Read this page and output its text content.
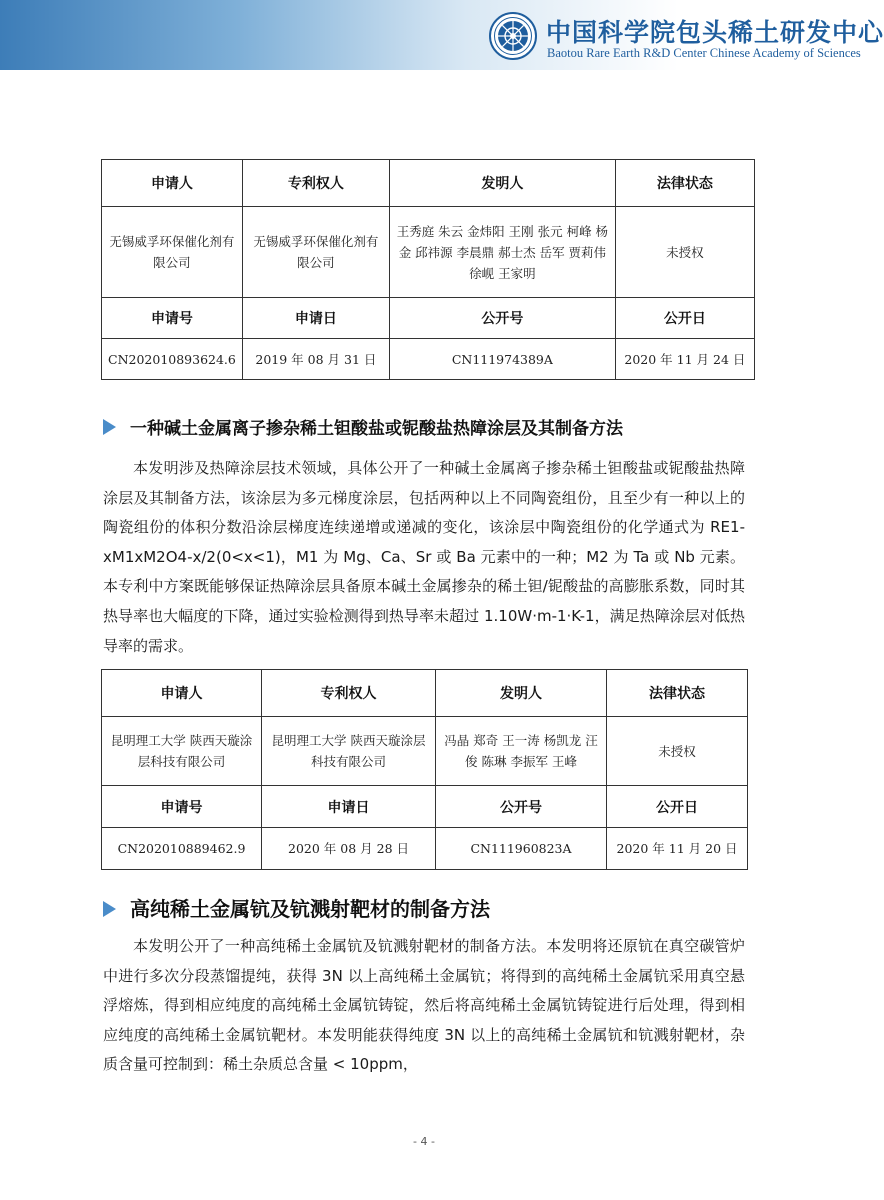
中国科学院包头稀土研发中心
Baotou Rare Earth R&D Center Chinese Academy of Sciences
申请人	专利权人	发明人	法律状态
无锡威孚环保催化剂有限公司	无锡威孚环保催化剂有限公司	王秀庭 朱云 金炜阳 王刚 张元 柯峰 杨金 邱祎源 李晨鼎 郝士杰 岳军 贾莉伟 徐岘 王家明	未授权
申请号	申请日	公开号	公开日
CN202010893624.6	2019 年 08 月 31 日	CN111974389A	2020 年 11 月 24 日
一种碱土金属离子掺杂稀土钽酸盐或铌酸盐热障涂层及其制备方法

本发明涉及热障涂层技术领域，具体公开了一种碱土金属离子掺杂稀土钽酸盐或铌酸盐热障涂层及其制备方法，该涂层为多元梯度涂层，包括两种以上不同陶瓷组份，且至少有一种以上的陶瓷组份的体积分数沿涂层梯度连续递增或递减的变化，该涂层中陶瓷组份的化学通式为 RE1-xM1xM2O4-x/2(0<x<1)，M1 为 Mg、Ca、Sr 或 Ba 元素中的一种；M2 为 Ta 或 Nb 元素。本专利中方案既能够保证热障涂层具备原本碱土金属掺杂的稀土钽/铌酸盐的高膨胀系数，同时其热导率也大幅度的下降，通过实验检测得到热导率未超过 1.10W·m-1·K-1，满足热障涂层对低热导率的需求。

申请人	专利权人	发明人	法律状态
昆明理工大学 陕西天璇涂层科技有限公司	昆明理工大学 陕西天璇涂层科技有限公司	冯晶 郑奇 王一涛 杨凯龙 汪俊 陈琳 李振军 王峰	未授权
申请号	申请日	公开号	公开日
CN202010889462.9	2020 年 08 月 28 日	CN111960823A	2020 年 11 月 20 日
高纯稀土金属钪及钪溅射靶材的制备方法

本发明公开了一种高纯稀土金属钪及钪溅射靶材的制备方法。本发明将还原钪在真空碳管炉中进行多次分段蒸馏提纯，获得 3N 以上高纯稀土金属钪；将得到的高纯稀土金属钪采用真空悬浮熔炼，得到相应纯度的高纯稀土金属钪铸锭，然后将高纯稀土金属钪铸锭进行后处理，得到相应纯度的高纯稀土金属钪靶材。本发明能获得纯度 3N 以上的高纯稀土金属钪和钪溅射靶材，杂质含量可控制到：稀土杂质总含量 < 10ppm，

- 4 -
